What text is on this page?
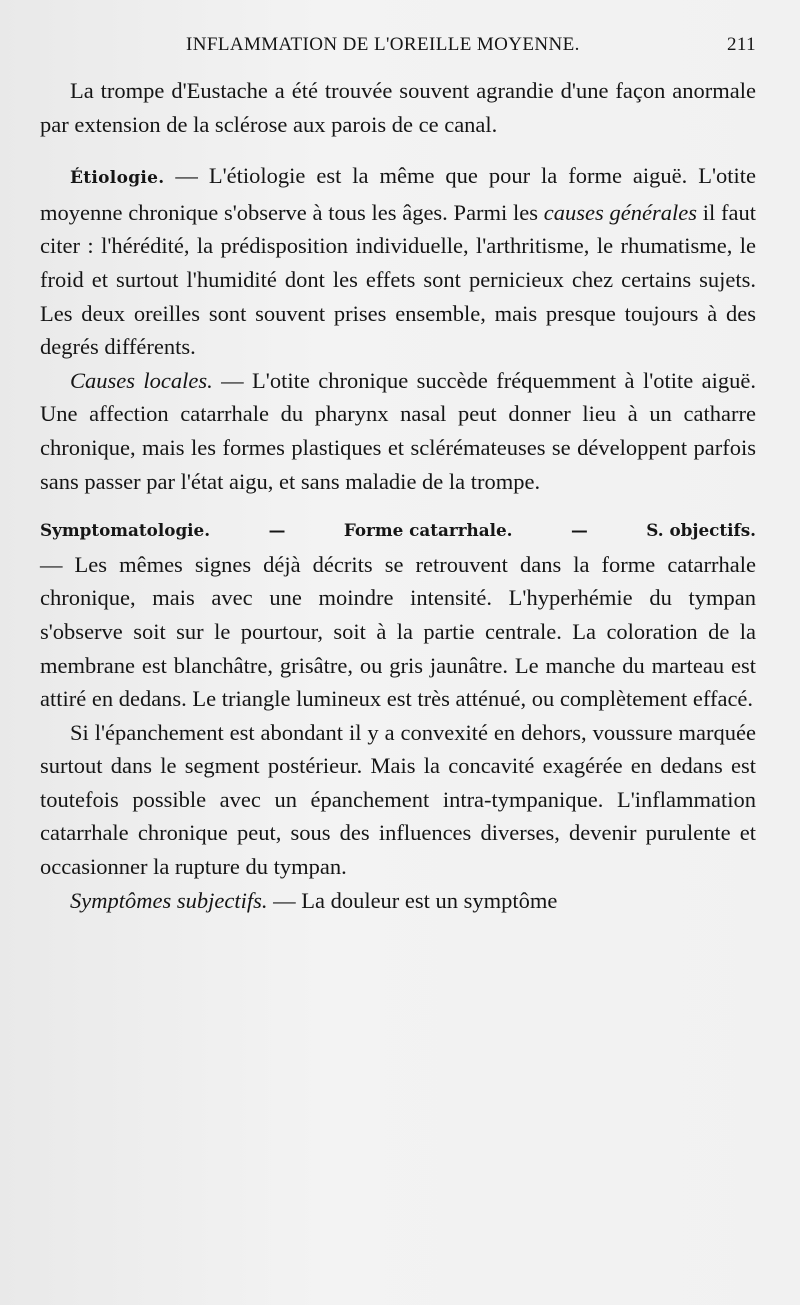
INFLAMMATION DE L'OREILLE MOYENNE.	211

La trompe d'Eustache a été trouvée souvent agrandie d'une façon anormale par extension de la sclérose aux parois de ce canal.

Étiologie. — L'étiologie est la même que pour la forme aiguë. L'otite moyenne chronique s'observe à tous les âges. Parmi les causes générales il faut citer : l'hérédité, la prédisposition individuelle, l'arthritisme, le rhumatisme, le froid et surtout l'humidité dont les effets sont pernicieux chez certains sujets. Les deux oreilles sont souvent prises ensemble, mais presque toujours à des degrés différents.

Causes locales. — L'otite chronique succède fréquemment à l'otite aiguë. Une affection catarrhale du pharynx nasal peut donner lieu à un catharre chronique, mais les formes plastiques et sclérémateuses se développent parfois sans passer par l'état aigu, et sans maladie de la trompe.

Symptomatologie.	—	Forme catarrhale.	—	S. objectifs.

— Les mêmes signes déjà décrits se retrouvent dans la forme catarrhale chronique, mais avec une moindre intensité. L'hyperhémie du tympan s'observe soit sur le pourtour, soit à la partie centrale. La coloration de la membrane est blanchâtre, grisâtre, ou gris jaunâtre. Le manche du marteau est attiré en dedans. Le triangle lumineux est très atténué, ou complètement effacé.

Si l'épanchement est abondant il y a convexité en dehors, voussure marquée surtout dans le segment postérieur. Mais la concavité exagérée en dedans est toutefois possible avec un épanchement intra-tympanique. L'inflammation catarrhale chronique peut, sous des influences diverses, devenir purulente et occasionner la rupture du tympan.

Symptômes subjectifs. — La douleur est un symptôme
